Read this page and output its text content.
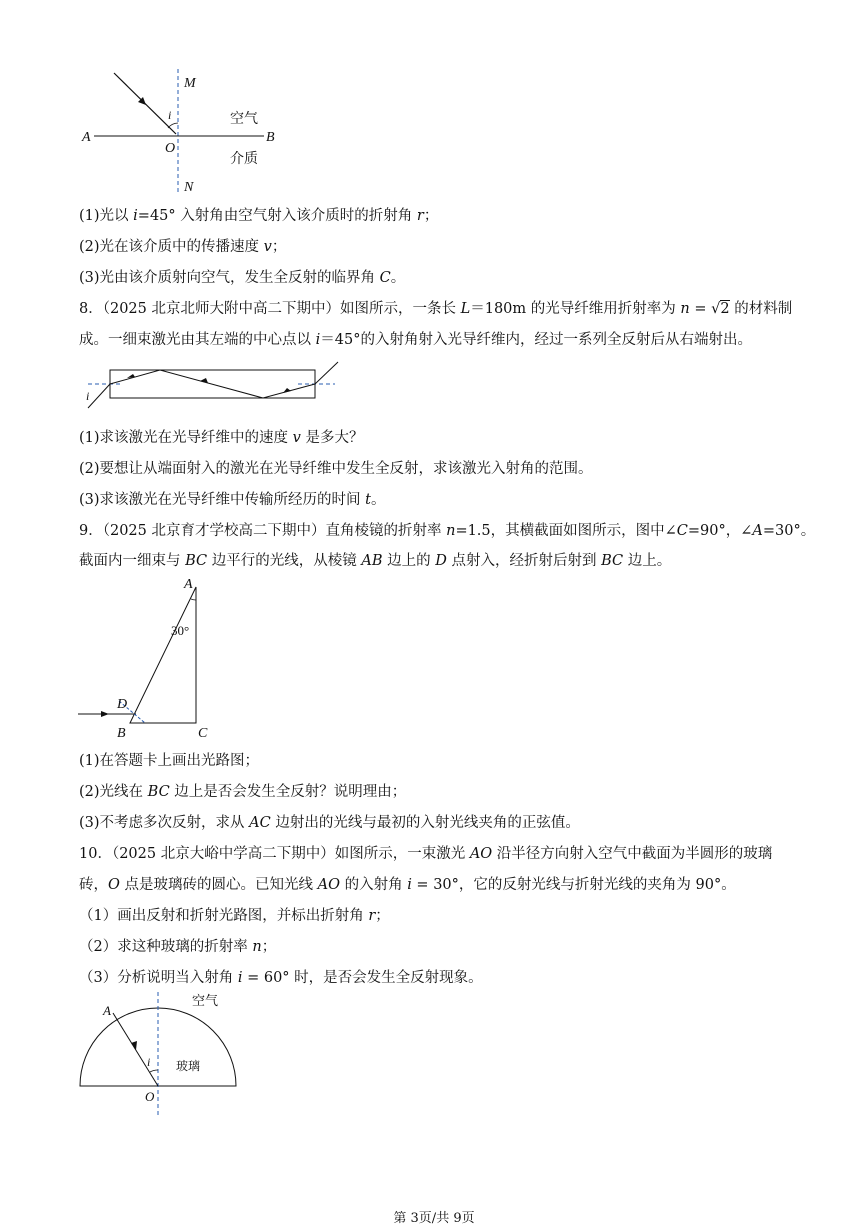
M
A
i
O
B
N
空气
介质
(1)光以 i=45° 入射角由空气射入该介质时的折射角 r；
(2)光在该介质中的传播速度 v；
(3)光由该介质射向空气，发生全反射的临界角 C。
8．（2025 北京北师大附中高二下期中）如图所示，一条长 L＝180m 的光导纤维用折射率为 n = √2 的材料制
成。一细束激光由其左端的中心点以 i＝45°的入射角射入光导纤维内，经过一系列全反射后从右端射出。
i
(1)求该激光在光导纤维中的速度 v 是多大？
(2)要想让从端面射入的激光在光导纤维中发生全反射，求该激光入射角的范围。
(3)求该激光在光导纤维中传输所经历的时间 t。
9．（2025 北京育才学校高二下期中）直角棱镜的折射率 n=1.5，其横截面如图所示，图中∠C=90°，∠A=30°。
截面内一细束与 BC 边平行的光线，从棱镜 AB 边上的 D 点射入，经折射后射到 BC 边上。
A
30°
D
B	C
(1)在答题卡上画出光路图；
(2)光线在 BC 边上是否会发生全反射？说明理由；
(3)不考虑多次反射，求从 AC 边射出的光线与最初的入射光线夹角的正弦值。
10．（2025 北京大峪中学高二下期中）如图所示，一束激光 AO 沿半径方向射入空气中截面为半圆形的玻璃
砖，O 点是玻璃砖的圆心。已知光线 AO 的入射角 i = 30°，它的反射光线与折射光线的夹角为 90°。
（1）画出反射和折射光路图，并标出折射角 r；
（2）求这种玻璃的折射率 n；
（3）分析说明当入射角 i = 60° 时，是否会发生全反射现象。
A
空气
i 玻璃
O
第 3页/共 9页
